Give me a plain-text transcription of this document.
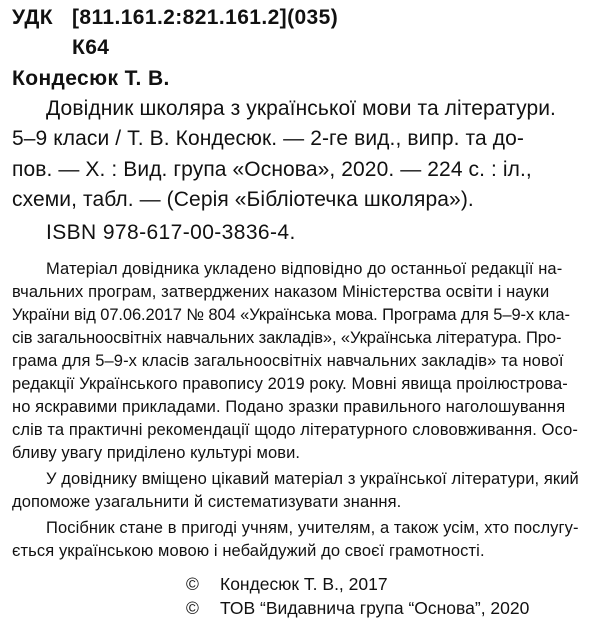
УДК [811.161.2:821.161.2](035)
К64
Кондесюк Т. В.
Довідник школяра з української мови та літератури.
5–9 класи / Т. В. Кондесюк. — 2-ге вид., випр. та до-
пов. — Х. : Вид. група «Основа», 2020. — 224 с. : іл.,
схеми, табл. — (Серія «Бібліотечка школяра»).
ISBN 978-617-00-3836-4.
Матеріал довідника укладено відповідно до останньої редакції на-
вчальних програм, затверджених наказом Міністерства освіти і науки
України від 07.06.2017 № 804 «Українська мова. Програма для 5–9-х кла-
сів загальноосвітніх навчальних закладів», «Українська література. Про-
грама для 5–9-х класів загальноосвітніх навчальних закладів» та нової
редакції Українського правопису 2019 року. Мовні явища проілюстрова-
но яскравими прикладами. Подано зразки правильного наголошування
слів та практичні рекомендації щодо літературного слововживання. Осо-
бливу увагу приділено культурі мови.
У довіднику вміщено цікавий матеріал з української літератури, який
допоможе узагальнити й систематизувати знання.
Посібник стане в пригоді учням, учителям, а також усім, хто послугу-
ється українською мовою і небайдужий до своєї грамотності.
© Кондесюк Т. В., 2017
© ТОВ “Видавнича група “Основа”, 2020
